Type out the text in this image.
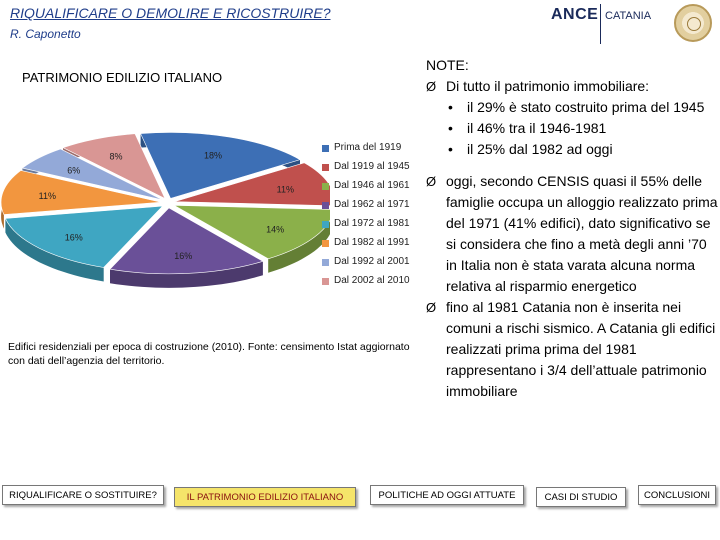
RIQUALIFICARE O DEMOLIRE E RICOSTRUIRE?
R. Caponetto
ANCE CATANIA
PATRIMONIO EDILIZIO ITALIANO
18%
11%
14%
16%
16%
11%
6%
8%
Prima del 1919
Dal 1919 al 1945
Dal 1946 al 1961
Dal 1962 al 1971
Dal 1972 al 1981
Dal 1982 al 1991
Dal 1992 al 2001
Dal 2002 al 2010
Edifici residenziali per epoca di costruzione (2010). Fonte: censimento Istat aggiornato con dati dell’agenzia del territorio.
NOTE:
Ø Di tutto il patrimonio immobiliare:
• il 29% è stato costruito prima del 1945
• il 46% tra il 1946-1981
• il 25% dal 1982 ad oggi
Ø oggi, secondo CENSIS quasi il 55% delle famiglie occupa un alloggio realizzato prima del 1971 (41% edifici), dato significativo se si considera che fino a metà degli anni ’70 in Italia non è stata varata alcuna norma relativa al risparmio energetico
Ø fino al 1981 Catania non è inserita nei comuni a rischi sismico. A Catania gli edifici realizzati prima prima del 1981 rappresentano i 3/4 dell’attuale patrimonio immobiliare
RIQUALIFICARE O SOSTITUIRE?	IL PATRIMONIO EDILIZIO ITALIANO	POLITICHE AD OGGI ATTUATE	CASI DI STUDIO	CONCLUSIONI
